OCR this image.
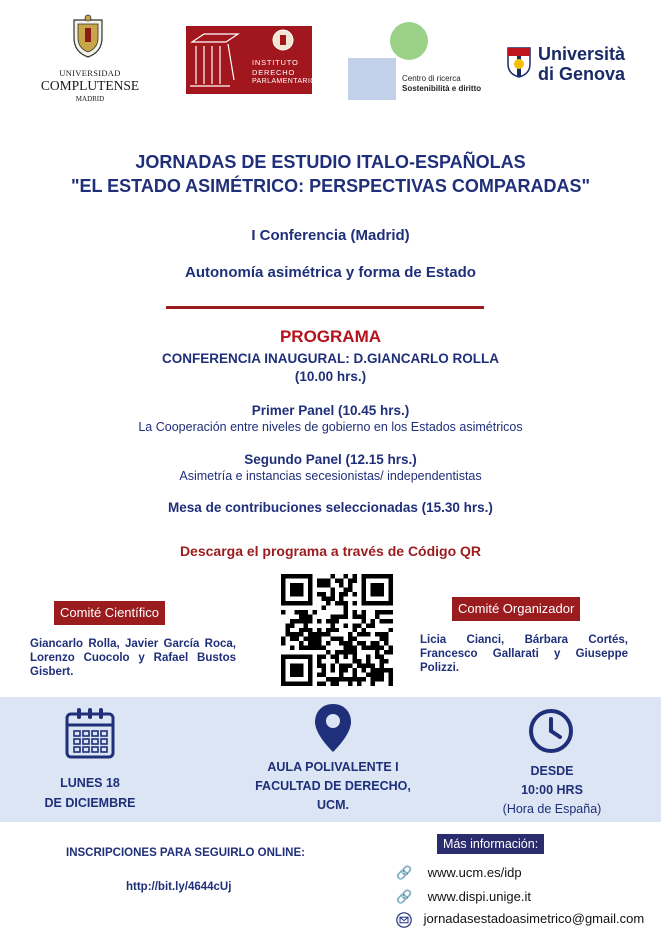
UNIVERSIDAD
COMPLUTENSE
MADRID
INSTITUTO
DERECHO
PARLAMENTARIO	Centro di ricerca
Sostenibilità e diritto
Università
di Genova
JORNADAS DE ESTUDIO ITALO-ESPAÑOLAS
"EL ESTADO ASIMÉTRICO: PERSPECTIVAS COMPARADAS"
I Conferencia (Madrid)
Autonomía asimétrica y forma de Estado
PROGRAMA
CONFERENCIA INAUGURAL: D.GIANCARLO ROLLA
(10.00 hrs.)
Primer Panel (10.45 hrs.)
La Cooperación entre niveles de gobierno en los Estados asimétricos
Segundo Panel (12.15 hrs.)
Asimetría e instancias secesionistas/ independentistas
Mesa de contribuciones seleccionadas (15.30 hrs.)
Descarga el programa a través de Código QR
Comité Científico
Giancarlo Rolla, Javier García Roca, Lorenzo Cuocolo y Rafael Bustos Gisbert.
Comité Organizador
Licia Cianci, Bárbara Cortés, Francesco Gallarati y Giuseppe Polizzi.
LUNES 18
DE DICIEMBRE
AULA POLIVALENTE I
FACULTAD DE DERECHO,
UCM.
DESDE
10:00 HRS
(Hora de España)
INSCRIPCIONES PARA SEGUIRLO ONLINE:
http://bit.ly/4644cUj
Más información:
🔗 www.ucm.es/idp
🔗 www.dispi.unige.it
jornadasestadoasimetrico@gmail.com
